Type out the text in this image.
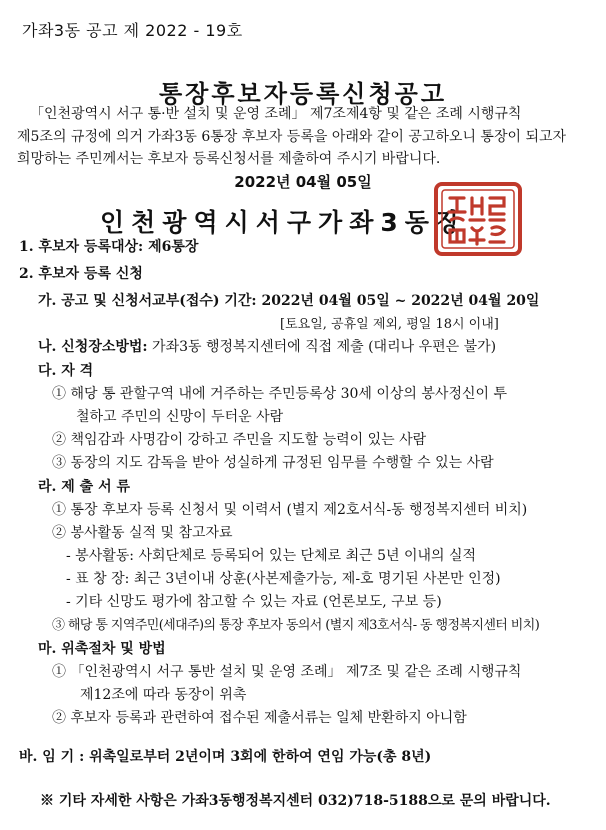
가좌3동 공고 제 2022 - 19호
통장후보자등록신청공고
「인천광역시 서구 통·반 설치 및 운영 조례」 제7조제4항 및 같은 조례 시행규칙
제5조의 규정에 의거 가좌3동 6통장 후보자 등록을 아래와 같이 공고하오니 통장이 되고자
희망하는 주민께서는 후보자 등록신청서를 제출하여 주시기 바랍니다.
2022년 04월 05일
인천광역시서구가좌3동장
1. 후보자 등록대상: 제6통장
2. 후보자 등록 신청
가. 공고 및 신청서교부(접수) 기간: 2022년 04월 05일 ~ 2022년 04월 20일
[토요일, 공휴일 제외, 평일 18시 이내]
나. 신청장소방법: 가좌3동 행정복지센터에 직접 제출 (대리나 우편은 불가)
다. 자 격
① 해당 통 관할구역 내에 거주하는 주민등록상 30세 이상의 봉사정신이 투
철하고 주민의 신망이 두터운 사람
② 책임감과 사명감이 강하고 주민을 지도할 능력이 있는 사람
③ 동장의 지도 감독을 받아 성실하게 규정된 임무를 수행할 수 있는 사람
라. 제 출 서 류
① 통장 후보자 등록 신청서 및 이력서 (별지 제2호서식-동 행정복지센터 비치)
② 봉사활동 실적 및 참고자료
- 봉사활동: 사회단체로 등록되어 있는 단체로 최근 5년 이내의 실적
- 표 창 장: 최근 3년이내 상훈(사본제출가능, 제-호 명기된 사본만 인정)
- 기타 신망도 평가에 참고할 수 있는 자료 (언론보도, 구보 등)
③ 해당 통 지역주민(세대주)의 통장 후보자 동의서 (별지 제3호서식- 동 행정복지센터 비치)
마. 위촉절차 및 방법
① 「인천광역시 서구 통반 설치 및 운영 조례」 제7조 및 같은 조례 시행규칙
제12조에 따라 동장이 위촉
② 후보자 등록과 관련하여 접수된 제출서류는 일체 반환하지 아니함
바. 임 기 : 위촉일로부터 2년이며 3회에 한하여 연임 가능(총 8년)
※ 기타 자세한 사항은 가좌3동행정복지센터 032)718-5188으로 문의 바랍니다.
